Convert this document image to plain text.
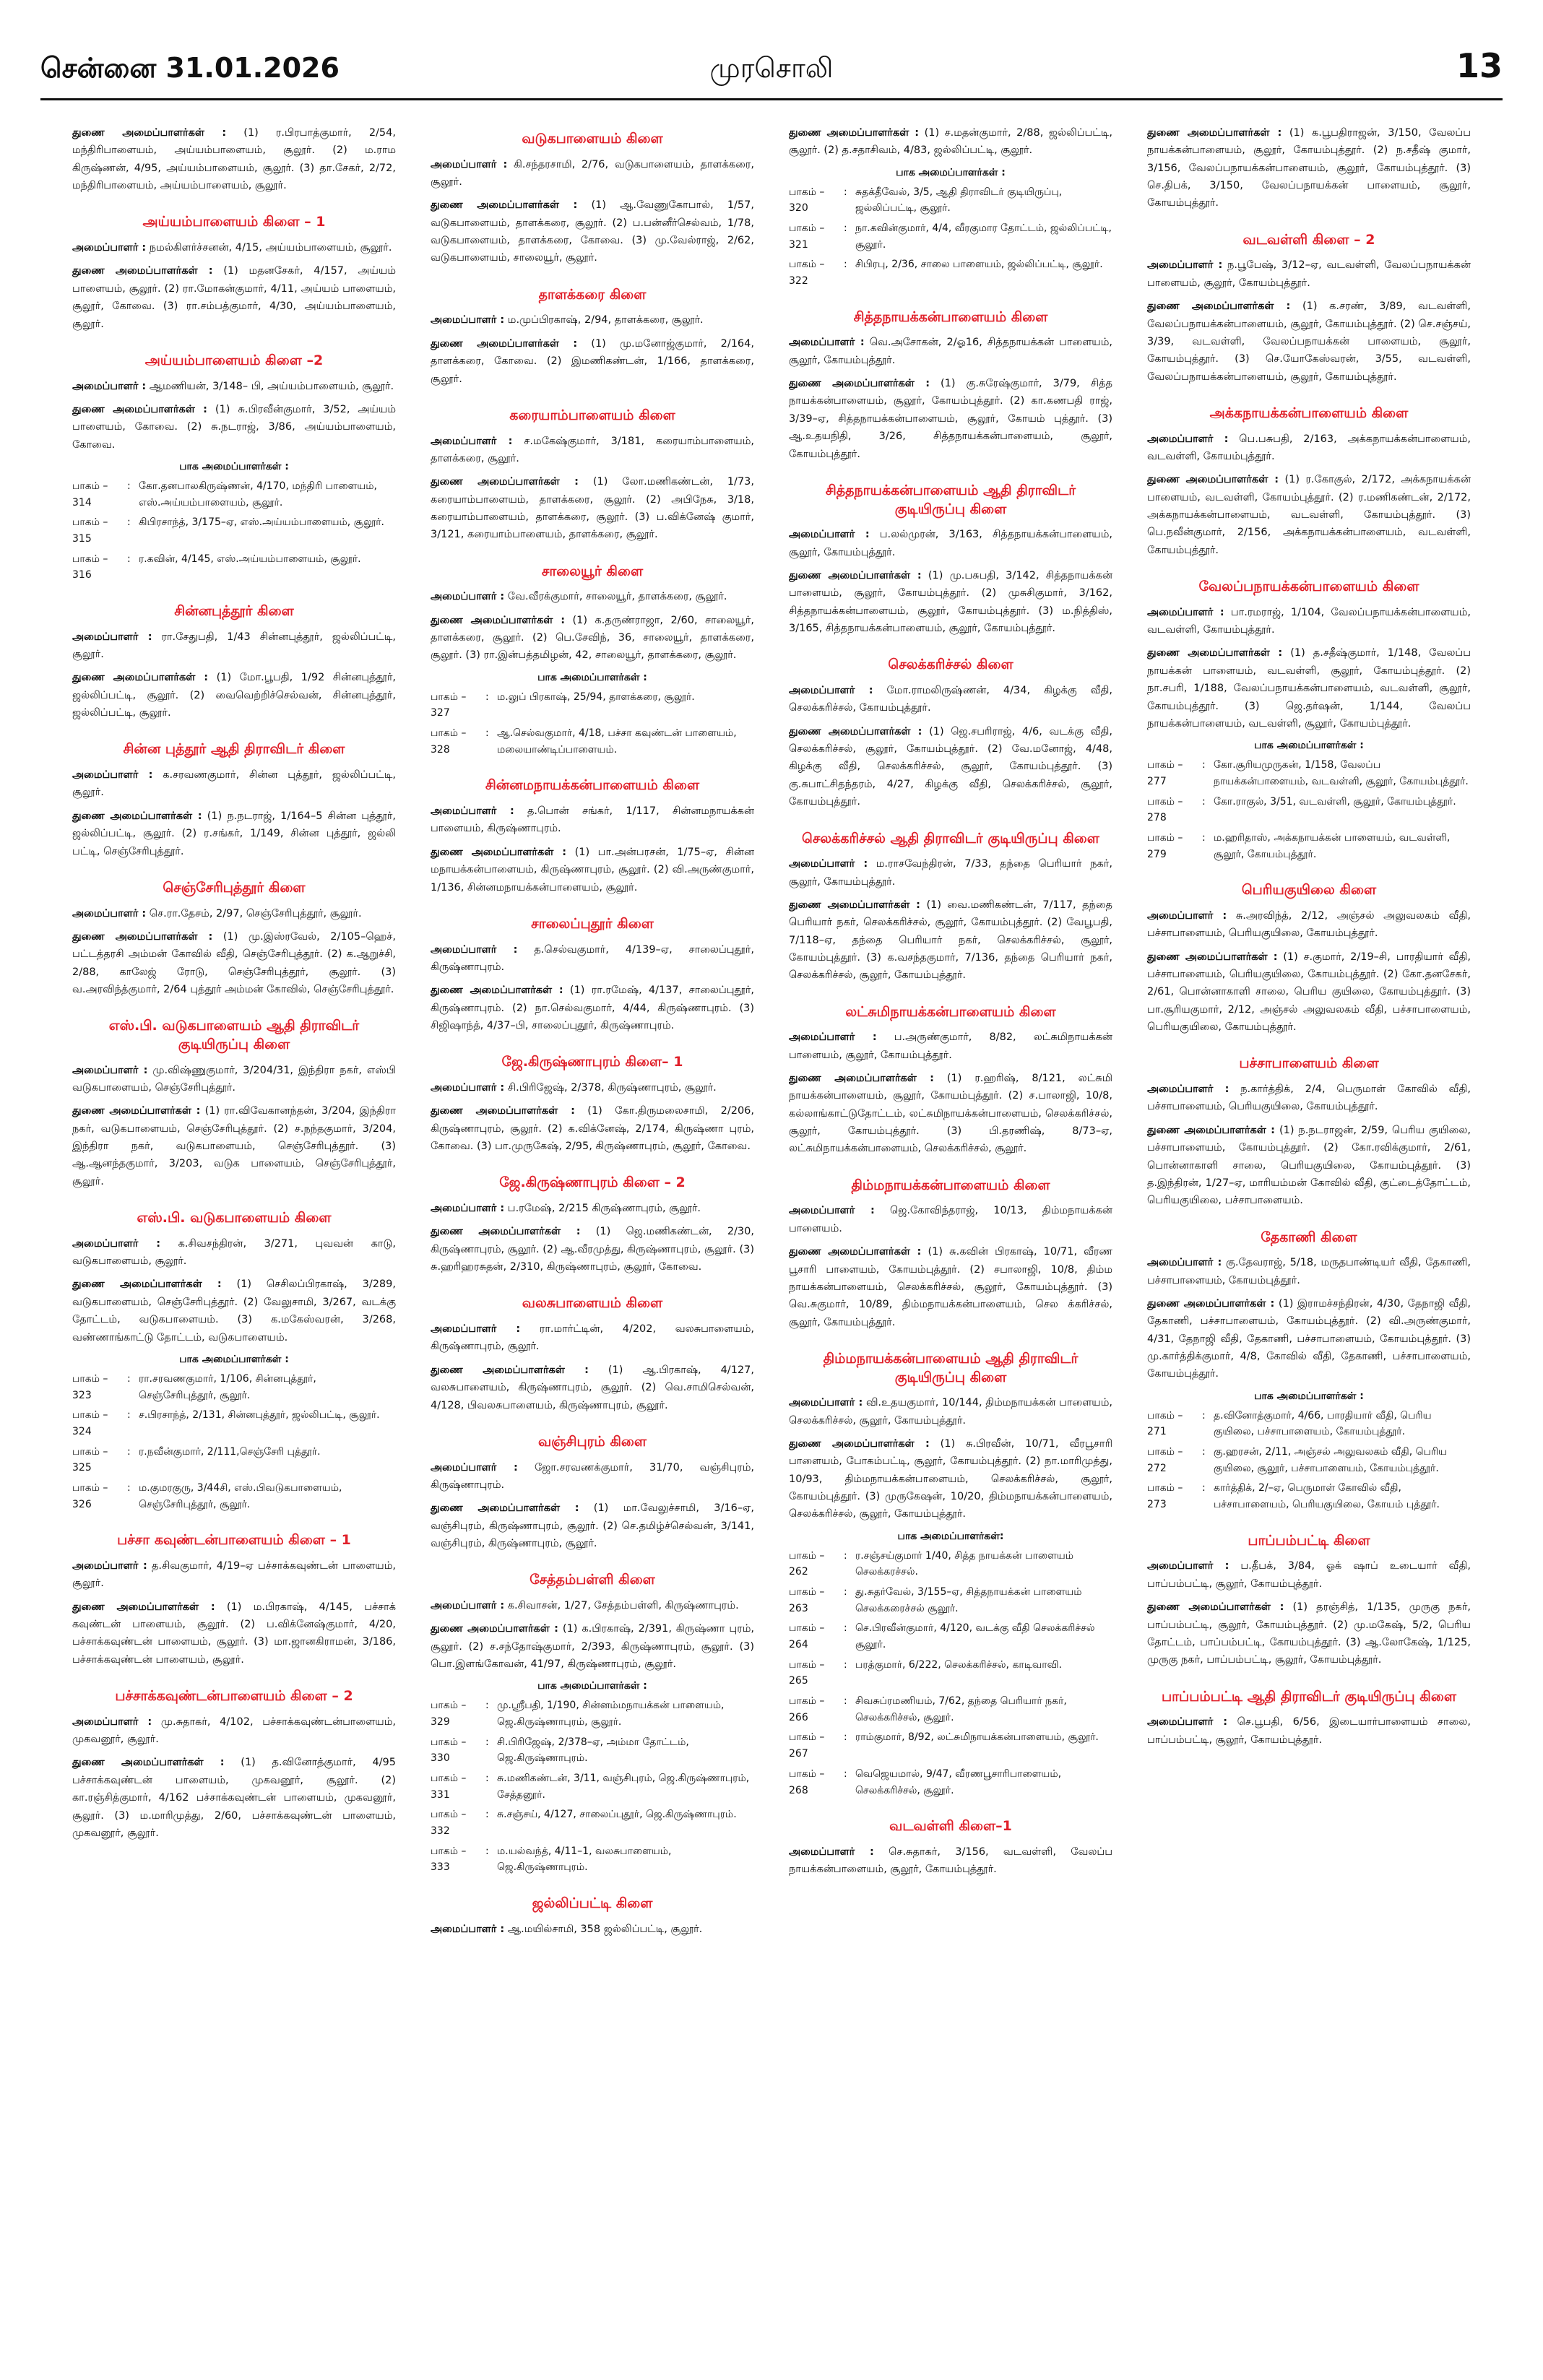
சென்னை 31.01.2026	முரசொலி	13
துணை அமைப்பாளர்கள் : (1) ர.பிரபாத்குமார், 2/54, மந்திரிபாளையம், அய்யம்பாளையம், சூலூர். (2) ம.ராம கிருஷ்ணன், 4/95, அய்யம்பாளையம், சூலூர். (3) தா.சேகர், 2/72, மந்திரிபாளையம், அய்யம்பாளையம், சூலூர்.
அய்யம்பாளையம் கிளை – 1
அமைப்பாளர் : நமல்கிளர்ச்சனன், 4/15, அய்யம்பாளையம், சூலூர்.
துணை அமைப்பாளர்கள் : (1) மதனசேகர், 4/157, அய்யம் பாளையம், சூலூர். (2) ரா.மோகன்குமார், 4/11, அய்யம் பாளையம், சூலூர், கோவை. (3) ரா.சம்பத்குமார், 4/30, அய்யம்பாளையம், சூலூர்.
அய்யம்பாளையம் கிளை –2
அமைப்பாளர் : ஆமணியன், 3/148– பி, அய்யம்பாளையம், சூலூர்.
துணை அமைப்பாளர்கள் : (1) சு.பிரவீன்குமார், 3/52, அய்யம் பாளையம், கோவை. (2) சு.நடராஜ், 3/86, அய்யம்பாளையம், கோவை.
பாக அமைப்பாளர்கள் :
பாகம் – 314
: கோ.தனபாலகிருஷ்ணன், 4/170, மந்திரி பாளையம், எஸ்.அய்யம்பாளையம், சூலூர்.
பாகம் – 315
: கிபிரசாந்த், 3/175–ஏ, எஸ்.அய்யம்பாளையம், சூலூர்.
பாகம் – 316
: ர.கவின், 4/145, எஸ்.அய்யம்பாளையம், சூலூர்.
சின்னபுத்தூர் கிளை
அமைப்பாளர் : ரா.சேதுபதி, 1/43 சின்னபுத்தூர், ஜல்லிப்பட்டி, சூலூர்.
துணை அமைப்பாளர்கள் : (1) மோ.பூபதி, 1/92 சின்னபுத்தூர், ஜல்லிப்பட்டி, சூலூர். (2) வைவெற்றிச்செல்வன், சின்னபுத்தூர், ஜல்லிப்பட்டி, சூலூர்.
சின்ன புத்தூர் ஆதி திராவிடர் கிளை
அமைப்பாளர் : க.சரவணகுமார், சின்ன புத்தூர், ஜல்லிப்பட்டி, சூலூர்.
துணை அமைப்பாளர்கள் : (1) ந.நடராஜ், 1/164–5 சின்ன புத்தூர், ஜல்லிப்பட்டி, சூலூர். (2) ர.சங்கர், 1/149, சின்ன புத்தூர், ஜல்லி பட்டி, செஞ்சேரிபுத்தூர்.
செஞ்சேரிபுத்தூர் கிளை
அமைப்பாளர் : செ.ரா.தேசம், 2/97, செஞ்சேரிபுத்தூர், சூலூர்.
துணை அமைப்பாளர்கள் : (1) மு.இஸ்ரவேல், 2/105–ஹெச், பட்டத்தரசி அம்மன் கோவில் வீதி, செஞ்சேரிபுத்தூர். (2) க.ஆறுச்சி, 2/88, காலேஜ் ரோடு, செஞ்சேரிபுத்தூர், சூலூர். (3) வ.அரவிந்த்குமார், 2/64 புத்தூர் அம்மன் கோவில், செஞ்சேரிபுத்தூர்.
எஸ்.பி. வடுகபாளையம் ஆதி திராவிடர் குடியிருப்பு கிளை
அமைப்பாளர் : மு.விஷ்ணுகுமார், 3/204/31, இந்திரா நகர், எஸ்பி வடுகபாளையம், செஞ்சேரிபுத்தூர்.
துணை அமைப்பாளர்கள் : (1) ரா.விவேகானந்தன், 3/204, இந்திரா நகர், வடுகபாளையம், செஞ்சேரிபுத்தூர். (2) ச.நந்தகுமார், 3/204, இந்திரா நகர், வடுகபாளையம், செஞ்சேரிபுத்தூர். (3) ஆ.ஆனந்தகுமார், 3/203, வடுக பாளையம், செஞ்சேரிபுத்தூர், சூலூர்.
எஸ்.பி. வடுகபாளையம் கிளை
அமைப்பாளர் : க.சிவசந்திரன், 3/271, புவவன் காடு, வடுகபாளையம், சூலூர்.
துணை அமைப்பாளர்கள் : (1) செசிலப்பிரகாஷ், 3/289, வடுகபாளையம், செஞ்சேரிபுத்தூர். (2) வேலுசாமி, 3/267, வடக்கு தோட்டம், வடுகபாளையம். (3) க.மகேஸ்வரன், 3/268, வண்ணாங்காட்டு தோட்டம், வடுகபாளையம்.
பாக அமைப்பாளர்கள் :
பாகம் – 323
: ரா.சரவணகுமார், 1/106, சின்னபுத்தூர், செஞ்சேரிபுத்தூர், சூலூர்.
பாகம் – 324
: ச.பிரசாந்த், 2/131, சின்னபுத்தூர், ஜல்லிபட்டி, சூலூர்.
பாகம் – 325
: ர.நவீன்குமார், 2/111,செஞ்சேரி புத்தூர்.
பாகம் – 326
: ம.குமரகுரு, 3/44சி, எஸ்.பிவடுகபாளையம், செஞ்சேரிபுத்தூர், சூலூர்.
பச்சா கவுண்டன்பாளையம் கிளை – 1
அமைப்பாளர் : த.சிவகுமார், 4/19–ஏ பச்சாக்கவுண்டன் பாளையம், சூலூர்.
துணை அமைப்பாளர்கள் : (1) ம.பிரகாஷ், 4/145, பச்சாக் கவுண்டன் பாளையம், சூலூர். (2) ப.விக்னேஷ்குமார், 4/20, பச்சாக்கவுண்டன் பாளையம், சூலூர். (3) மா.ஜானகிராமன், 3/186, பச்சாக்கவுண்டன் பாளையம், சூலூர்.
பச்சாக்கவுண்டன்பாளையம் கிளை – 2
அமைப்பாளர் : மு.சுதாகர், 4/102, பச்சாக்கவுண்டன்பாளையம், முகவனூர், சூலூர்.
துணை அமைப்பாளர்கள் : (1) த.வினோத்குமார், 4/95 பச்சாக்கவுண்டன் பாளையம், முகவனூர், சூலூர். (2) கா.ரஞ்சித்குமார், 4/162 பச்சாக்கவுண்டன் பாளையம், முகவனூர், சூலூர். (3) ம.மாரிமுத்து, 2/60, பச்சாக்கவுண்டன் பாளையம், முகவனூர், சூலூர்.
வடுகபாளையம் கிளை
அமைப்பாளர் : கி.சந்தரசாமி, 2/76, வடுகபாளையம், தாளக்கரை, சூலூர்.
துணை அமைப்பாளர்கள் : (1) ஆ.வேணுகோபால், 1/57, வடுகபாளையம், தாளக்கரை, சூலூர். (2) ப.பன்னீர்செல்வம், 1/78, வடுகபாளையம், தாளக்கரை, கோவை. (3) மு.வேல்ராஜ், 2/62, வடுகபாளையம், சாலையூர், சூலூர்.
தாளக்கரை கிளை
அமைப்பாளர் : ம.முப்பிரகாஷ், 2/94, தாளக்கரை, சூலூர்.
துணை அமைப்பாளர்கள் : (1) மு.மனோஜ்குமார், 2/164, தாளக்கரை, கோவை. (2) இமணிகண்டன், 1/166, தாளக்கரை, சூலூர்.
கரையாம்பாளையம் கிளை
அமைப்பாளர் : ச.மகேஷ்குமார், 3/181, கரையாம்பாளையம், தாளக்கரை, சூலூர்.
துணை அமைப்பாளர்கள் : (1) லோ.மணிகண்டன், 1/73, கரையாம்பாளையம், தாளக்கரை, சூலூர். (2) அபிநேசு, 3/18, கரையாம்பாளையம், தாளக்கரை, சூலூர். (3) ப.விக்னேஷ் குமார், 3/121, கரையாம்பாளையம், தாளக்கரை, சூலூர்.
சாலையூர் கிளை
அமைப்பாளர் : வே.வீரக்குமார், சாலையூர், தாளக்கரை, சூலூர்.
துணை அமைப்பாளர்கள் : (1) க.தருண்ராஜா, 2/60, சாலையூர், தாளக்கரை, சூலூர். (2) பெ.சேவிந், 36, சாலையூர், தாளக்கரை, சூலூர். (3) ரா.இன்பத்தமிழன், 42, சாலையூர், தாளக்கரை, சூலூர்.
பாக அமைப்பாளர்கள் :
பாகம் – 327
: ம.லுப் பிரகாஷ், 25/94, தாளக்கரை, சூலூர்.
பாகம் – 328
: ஆ.செல்வகுமார், 4/18, பச்சா கவுண்டன் பாளையம், மலையாண்டிப்பாளையம்.
சின்னமநாயக்கன்பாளையம் கிளை
அமைப்பாளர் : த.பொன் சங்கர், 1/117, சின்னமநாயக்கன் பாளையம், கிருஷ்ணாபுரம்.
துணை அமைப்பாளர்கள் : (1) பா.அன்பரசன், 1/75–ஏ, சின்ன மநாயக்கன்பாளையம், கிருஷ்ணாபுரம், சூலூர். (2) வி.அருண்குமார், 1/136, சின்னமநாயக்கன்பாளையம், சூலூர்.
சாலைப்புதூர் கிளை
அமைப்பாளர் : த.செல்வகுமார், 4/139–ஏ, சாலைப்புதூர், கிருஷ்ணாபுரம்.
துணை அமைப்பாளர்கள் : (1) ரா.ரமேஷ், 4/137, சாலைப்புதூர், கிருஷ்ணாபுரம். (2) நா.செல்வகுமார், 4/44, கிருஷ்ணாபுரம். (3) சிஜிஷாந்த், 4/37–பி, சாலைப்புதூர், கிருஷ்ணாபுரம்.
ஜே.கிருஷ்ணாபுரம் கிளை– 1
அமைப்பாளர் : சி.பிரிஜேஷ், 2/378, கிருஷ்ணாபுரம், சூலூர்.
துணை அமைப்பாளர்கள் : (1) கோ.திருமலைசாமி, 2/206, கிருஷ்ணாபுரம், சூலூர். (2) க.விக்னேஷ், 2/174, கிருஷ்ணா புரம், கோவை. (3) பா.முருகேஷ், 2/95, கிருஷ்ணாபுரம், சூலூர், கோவை.
ஜே.கிருஷ்ணாபுரம் கிளை – 2
அமைப்பாளர் : ப.ரமேஷ், 2/215 கிருஷ்ணாபுரம், சூலூர்.
துணை அமைப்பாளர்கள் : (1) ஜெ.மணிகண்டன், 2/30, கிருஷ்ணாபுரம், சூலூர். (2) ஆ.வீரமுத்து, கிருஷ்ணாபுரம், சூலூர். (3) சு.ஹரிஹரசுதன், 2/310, கிருஷ்ணாபுரம், சூலூர், கோவை.
வலசுபாளையம் கிளை
அமைப்பாளர் : ரா.மார்ட்டின், 4/202, வலசுபாளையம், கிருஷ்ணாபுரம், சூலூர்.
துணை அமைப்பாளர்கள் : (1) ஆ.பிரகாஷ், 4/127, வலசுபாளையம், கிருஷ்ணாபுரம், சூலூர். (2) வெ.சாமிசெல்வன், 4/128, பிவலசுபாளையம், கிருஷ்ணாபுரம், சூலூர்.
வஞ்சிபுரம் கிளை
அமைப்பாளர் : ஜோ.சரவணக்குமார், 31/70, வஞ்சிபுரம், கிருஷ்ணாபுரம்.
துணை அமைப்பாளர்கள் : (1) மா.வேலுச்சாமி, 3/16–ஏ, வஞ்சிபுரம், கிருஷ்ணாபுரம், சூலூர். (2) செ.தமிழ்ச்செல்வன், 3/141, வஞ்சிபுரம், கிருஷ்ணாபுரம், சூலூர்.
சேத்தம்பள்ளி கிளை
அமைப்பாளர் : க.சிவாசன், 1/27, சேத்தம்பள்ளி, கிருஷ்ணாபுரம்.
துணை அமைப்பாளர்கள் : (1) க.பிரகாஷ், 2/391, கிருஷ்ணா புரம், சூலூர். (2) ச.சந்தோஷ்குமார், 2/393, கிருஷ்ணாபுரம், சூலூர். (3) பொ.இளங்கோவன், 41/97, கிருஷ்ணாபுரம், சூலூர்.
பாக அமைப்பாளர்கள் :
பாகம் – 329
: மு.ஸ்ரீபதி, 1/190, சின்னம்மநாயக்கன் பாளையம், ஜெ.கிருஷ்ணாபுரம், சூலூர்.
பாகம் – 330
: சி.பிரிஜேஷ், 2/378–ஏ, அம்மா தோட்டம், ஜெ.கிருஷ்ணாபுரம்.
பாகம் – 331
: சு.மணிகண்டன், 3/11, வஞ்சிபுரம், ஜெ.கிருஷ்ணாபுரம், சேத்தனூர்.
பாகம் – 332
: சு.சஞ்சய், 4/127, சாலைப்புதூர், ஜெ.கிருஷ்ணாபுரம்.
பாகம் – 333
: ம.யல்வந்த், 4/11–1, வலசுபாளையம், ஜெ.கிருஷ்ணாபுரம்.
ஜல்லிப்பட்டி கிளை
அமைப்பாளர் : ஆ.மயில்சாமி, 358 ஜல்லிப்பட்டி, சூலூர்.
துணை அமைப்பாளர்கள் : (1) ச.மதன்குமார், 2/88, ஜல்லிப்பட்டி, சூலூர். (2) த.சதாசிவம், 4/83, ஜல்லிப்பட்டி, சூலூர்.
பாக அமைப்பாளர்கள் :
பாகம் – 320
: சுதக்தீவேல், 3/5, ஆதி திராவிடர் குடியிருப்பு, ஜல்லிப்பட்டி, சூலூர்.
பாகம் – 321
: நா.கவின்குமார், 4/4, வீரகுமார தோட்டம், ஜல்லிப்பட்டி, சூலூர்.
பாகம் – 322
: சிபிரபு, 2/36, சாலை பாளையம், ஜல்லிப்பட்டி, சூலூர்.
சித்தநாயக்கன்பாளையம் கிளை
அமைப்பாளர் : வெ.அசோகன், 2/ஓ16, சித்தநாயக்கன் பாளையம், சூலூர், கோயம்புத்தூர்.
துணை அமைப்பாளர்கள் : (1) கு.சுரேஷ்குமார், 3/79, சித்த நாயக்கன்பாளையம், சூலூர், கோயம்புத்தூர். (2) கா.கணபதி ராஜ், 3/39–ஏ, சித்தநாயக்கன்பாளையம், சூலூர், கோயம் புத்தூர். (3) ஆ.உதயநிதி, 3/26, சித்தநாயக்கன்பாளையம், சூலூர், கோயம்புத்தூர்.
சித்தநாயக்கன்பாளையம் ஆதி திராவிடர் குடியிருப்பு கிளை
அமைப்பாளர் : ப.லல்முரன், 3/163, சித்தநாயக்கன்பாளையம், சூலூர், கோயம்புத்தூர்.
துணை அமைப்பாளர்கள் : (1) மு.பசுபதி, 3/142, சித்தநாயக்கன் பாளையம், சூலூர், கோயம்புத்தூர். (2) முசுசிகுமார், 3/162, சித்தநாயக்கன்பாளையம், சூலூர், கோயம்புத்தூர். (3) ம.நித்திஸ், 3/165, சித்தநாயக்கன்பாளையம், சூலூர், கோயம்புத்தூர்.
செலக்கரிச்சல் கிளை
அமைப்பாளர் : மோ.ராமலிருஷ்ணன், 4/34, கிழக்கு வீதி, செலக்கரிச்சல், கோயம்புத்தூர்.
துணை அமைப்பாளர்கள் : (1) ஜெ.சபரிராஜ், 4/6, வடக்கு வீதி, செலக்கரிச்சல், சூலூர், கோயம்புத்தூர். (2) வே.மனோஜ், 4/48, கிழக்கு வீதி, செலக்கரிச்சல், சூலூர், கோயம்புத்தூர். (3) கு.சுபாட்சிதந்தரம், 4/27, கிழக்கு வீதி, செலக்கரிச்சல், சூலூர், கோயம்புத்தூர்.
செலக்கரிச்சல் ஆதி திராவிடர் குடியிருப்பு கிளை
அமைப்பாளர் : ம.ராசவேந்திரன், 7/33, தந்தை பெரியார் நகர், சூலூர், கோயம்புத்தூர்.
துணை அமைப்பாளர்கள் : (1) வை.மணிகண்டன், 7/117, தந்தை பெரியார் நகர், செலக்கரிச்சல், சூலூர், கோயம்புத்தூர். (2) வேபூபதி, 7/118–ஏ, தந்தை பெரியார் நகர், செலக்கரிச்சல், சூலூர், கோயம்புத்தூர். (3) க.வசந்தகுமார், 7/136, தந்தை பெரியார் நகர், செலக்கரிச்சல், சூலூர், கோயம்புத்தூர்.
லட்சுமிநாயக்கன்பாளையம் கிளை
அமைப்பாளர் : ப.அருண்குமார், 8/82, லட்சுமிநாயக்கன் பாளையம், சூலூர், கோயம்புத்தூர்.
துணை அமைப்பாளர்கள் : (1) ர.ஹரிஷ், 8/121, லட்சுமி நாயக்கன்பாளையம், சூலூர், கோயம்புத்தூர். (2) ச.பாலாஜி, 10/8, கல்லாங்காட்டுதோட்டம், லட்சுமிநாயக்கன்பாளையம், செலக்கரிச்சல், சூலூர், கோயம்புத்தூர். (3) பி.தரணிஷ், 8/73–ஏ, லட்சுமிநாயக்கன்பாளையம், செலக்கரிச்சல், சூலூர்.
திம்மநாயக்கன்பாளையம் கிளை
அமைப்பாளர் : ஜெ.கோவிந்தராஜ், 10/13, திம்மநாயக்கன் பாளையம்.
துணை அமைப்பாளர்கள் : (1) சு.கவின் பிரகாஷ், 10/71, வீரண பூசாரி பாளையம், கோயம்புத்தூர். (2) சபாலாஜி, 10/8, திம்ம நாயக்கன்பாளையம், செலக்கரிச்சல், சூலூர், கோயம்புத்தூர். (3) வெ.சுகுமார், 10/89, திம்மநாயக்கன்பாளையம், செல க்கரிச்சல், சூலூர், கோயம்புத்தூர்.
திம்மநாயக்கன்பாளையம் ஆதி திராவிடர் குடியிருப்பு கிளை
அமைப்பாளர் : வி.உதயகுமார், 10/144, திம்மநாயக்கன் பாளையம், செலக்கரிச்சல், சூலூர், கோயம்புத்தூர்.
துணை அமைப்பாளர்கள் : (1) சு.பிரவீன், 10/71, வீரபூசாரி பாளையம், போகம்பட்டி, சூலூர், கோயம்புத்தூர். (2) நா.மாரிமுத்து, 10/93, திம்மநாயக்கன்பாளையம், செலக்கரிச்சல், சூலூர், கோயம்புத்தூர். (3) முருகேஷன், 10/20, திம்மநாயக்கன்பாளையம், செலக்கரிச்சல், சூலூர், கோயம்புத்தூர்.
பாக அமைப்பாளர்கள்:
பாகம் – 262
: ர.சஞ்சய்குமார் 1/40, சித்த நாயக்கன் பாளையம் செலக்கரச்சல்.
பாகம் – 263
: து.சுதர்வேல், 3/155–ஏ, சித்தநாயக்கன் பாளையம் செலக்கரைச்சல் சூலூர்.
பாகம் – 264
: செ.பிரவீன்குமார், 4/120, வடக்கு வீதி செலக்கரிச்சல் சூலூர்.
பாகம் – 265
: பரத்குமார், 6/222, செலக்கரிச்சல், காடிவாவி.
பாகம் – 266
: சிவசுப்ரமணியம், 7/62, தந்தை பெரியார் நகர், செலக்கரிச்சல், சூலூர்.
பாகம் – 267
: ராம்குமார், 8/92, லட்சுமிநாயக்கன்பாளையம், சூலூர்.
பாகம் – 268
: வெஜெயமால், 9/47, வீரணபூசாரிபாளையம், செலக்கரிச்சல், சூலூர்.
வடவள்ளி கிளை–1
அமைப்பாளர் : செ.சுதாகர், 3/156, வடவள்ளி, வேலப்ப நாயக்கன்பாளையம், சூலூர், கோயம்புத்தூர்.
துணை அமைப்பாளர்கள் : (1) க.பூபதிராஜன், 3/150, வேலப்ப நாயக்கன்பாளையம், சூலூர், கோயம்புத்தூர். (2) ந.சதீஷ் குமார், 3/156, வேலப்பநாயக்கன்பாளையம், சூலூர், கோயம்புத்தூர். (3) செ.திபக், 3/150, வேலப்பநாயக்கன் பாளையம், சூலூர், கோயம்புத்தூர்.
வடவள்ளி கிளை – 2
அமைப்பாளர் : ந.பூபேஷ், 3/12–ஏ, வடவள்ளி, வேலப்பநாயக்கன் பாளையம், சூலூர், கோயம்புத்தூர்.
துணை அமைப்பாளர்கள் : (1) க.சரண், 3/89, வடவள்ளி, வேலப்பநாயக்கன்பாளையம், சூலூர், கோயம்புத்தூர். (2) செ.சஞ்சய், 3/39, வடவள்ளி, வேலப்பநாயக்கன் பாளையம், சூலூர், கோயம்புத்தூர். (3) செ.யோகேஸ்வரன், 3/55, வடவள்ளி, வேலப்பநாயக்கன்பாளையம், சூலூர், கோயம்புத்தூர்.
அக்கநாயக்கன்பாளையம் கிளை
அமைப்பாளர் : பெ.பசுபதி, 2/163, அக்கநாயக்கன்பாளையம், வடவள்ளி, கோயம்புத்தூர்.
துணை அமைப்பாளர்கள் : (1) ர.கோகுல், 2/172, அக்கநாயக்கன் பாளையம், வடவள்ளி, கோயம்புத்தூர். (2) ர.மணிகண்டன், 2/172, அக்கநாயக்கன்பாளையம், வடவள்ளி, கோயம்புத்தூர். (3) பெ.நவீன்குமார், 2/156, அக்கநாயக்கன்பாளையம், வடவள்ளி, கோயம்புத்தூர்.
வேலப்பநாயக்கன்பாளையம் கிளை
அமைப்பாளர் : பா.ரமராஜ், 1/104, வேலப்பநாயக்கன்பாளையம், வடவள்ளி, கோயம்புத்தூர்.
துணை அமைப்பாளர்கள் : (1) த.சதீஷ்குமார், 1/148, வேலப்ப நாயக்கன் பாளையம், வடவள்ளி, சூலூர், கோயம்புத்தூர். (2) நா.சபரி, 1/188, வேலப்பநாயக்கன்பாளையம், வடவள்ளி, சூலூர், கோயம்புத்தூர். (3) ஜெ.தர்ஷன், 1/144, வேலப்ப நாயக்கன்பாளையம், வடவள்ளி, சூலூர், கோயம்புத்தூர்.
பாக அமைப்பாளர்கள் :
பாகம் – 277
: கோ.சூரியமுருகன், 1/158, வேலப்ப நாயக்கன்பாளையம், வடவள்ளி, சூலூர், கோயம்புத்தூர்.
பாகம் – 278
: கோ.ராகுல், 3/51, வடவள்ளி, சூலூர், கோயம்புத்தூர்.
பாகம் – 279
: ம.ஹரிதாஸ், அக்கநாயக்கன் பாளையம், வடவள்ளி, சூலூர், கோயம்புத்தூர்.
பெரியகுயிலை கிளை
அமைப்பாளர் : சு.அரவிந்த், 2/12, அஞ்சல் அலுவலகம் வீதி, பச்சாபாளையம், பெரியகுயிலை, கோயம்புத்தூர்.
துணை அமைப்பாளர்கள் : (1) ச.குமார், 2/19–சி, பாரதியார் வீதி, பச்சாபாளையம், பெரியகுயிலை, கோயம்புத்தூர். (2) கோ.தனசேகர், 2/61, பொன்னாகாளி சாலை, பெரிய குயிலை, கோயம்புத்தூர். (3) பா.சூரியகுமார், 2/12, அஞ்சல் அலுவலகம் வீதி, பச்சாபாளையம், பெரியகுயிலை, கோயம்புத்தூர்.
பச்சாபாளையம் கிளை
அமைப்பாளர் : ந.கார்த்திக், 2/4, பெருமாள் கோவில் வீதி, பச்சாபாளையம், பெரியகுயிலை, கோயம்புத்தூர்.
துணை அமைப்பாளர்கள் : (1) ந.நடராஜன், 2/59, பெரிய குயிலை, பச்சாபாளையம், கோயம்புத்தூர். (2) கோ.ரவிக்குமார், 2/61, பொன்னாகாளி சாலை, பெரியகுயிலை, கோயம்புத்தூர். (3) த.இந்திரன், 1/27–ஏ, மாரியம்மன் கோவில் வீதி, குட்டைத்தோட்டம், பெரியகுயிலை, பச்சாபாளையம்.
தேகாணி கிளை
அமைப்பாளர் : கு.தேவராஜ், 5/18, மருதபாண்டியர் வீதி, தேகாணி, பச்சாபாளையம், கோயம்புத்தூர்.
துணை அமைப்பாளர்கள் : (1) இராமச்சந்திரன், 4/30, தேநாஜி வீதி, தேகாணி, பச்சாபாளையம், கோயம்புத்தூர். (2) வி.அருண்குமார், 4/31, தேநாஜி வீதி, தேகாணி, பச்சாபாளையம், கோயம்புத்தூர். (3) மு.கார்த்திக்குமார், 4/8, கோவில் வீதி, தேகாணி, பச்சாபாளையம், கோயம்புத்தூர்.
பாக அமைப்பாளர்கள் :
பாகம் – 271
: த.வினோத்குமார், 4/66, பாரதியார் வீதி, பெரிய குயிலை, பச்சாபாளையம், கோயம்புத்தூர்.
பாகம் – 272
: கு.ஹரசன், 2/11, அஞ்சல் அலுவலகம் வீதி, பெரிய குயிலை, சூலூர், பச்சாபாளையம், கோயம்புத்தூர்.
பாகம் – 273
: கார்த்திக், 2/–ஏ, பெருமாள் கோவில் வீதி, பச்சாபாளையம், பெரியகுயிலை, கோயம் புத்தூர்.
பாப்பம்பட்டி கிளை
அமைப்பாளர் : ப.தீபக், 3/84, ஓக் ஷாப் உடையார் வீதி, பாப்பம்பட்டி, சூலூர், கோயம்புத்தூர்.
துணை அமைப்பாளர்கள் : (1) தரஞ்சித், 1/135, முருகு நகர், பாப்பம்பட்டி, சூலூர், கோயம்புத்தூர். (2) மு.மகேஷ், 5/2, பெரிய தோட்டம், பாப்பம்பட்டி, கோயம்புத்தூர். (3) ஆ.லோகேஷ், 1/125, முருகு நகர், பாப்பம்பட்டி, சூலூர், கோயம்புத்தூர்.
பாப்பம்பட்டி ஆதி திராவிடர் குடியிருப்பு கிளை
அமைப்பாளர் : செ.பூபதி, 6/56, இடையார்பாளையம் சாலை, பாப்பம்பட்டி, சூலூர், கோயம்புத்தூர்.
